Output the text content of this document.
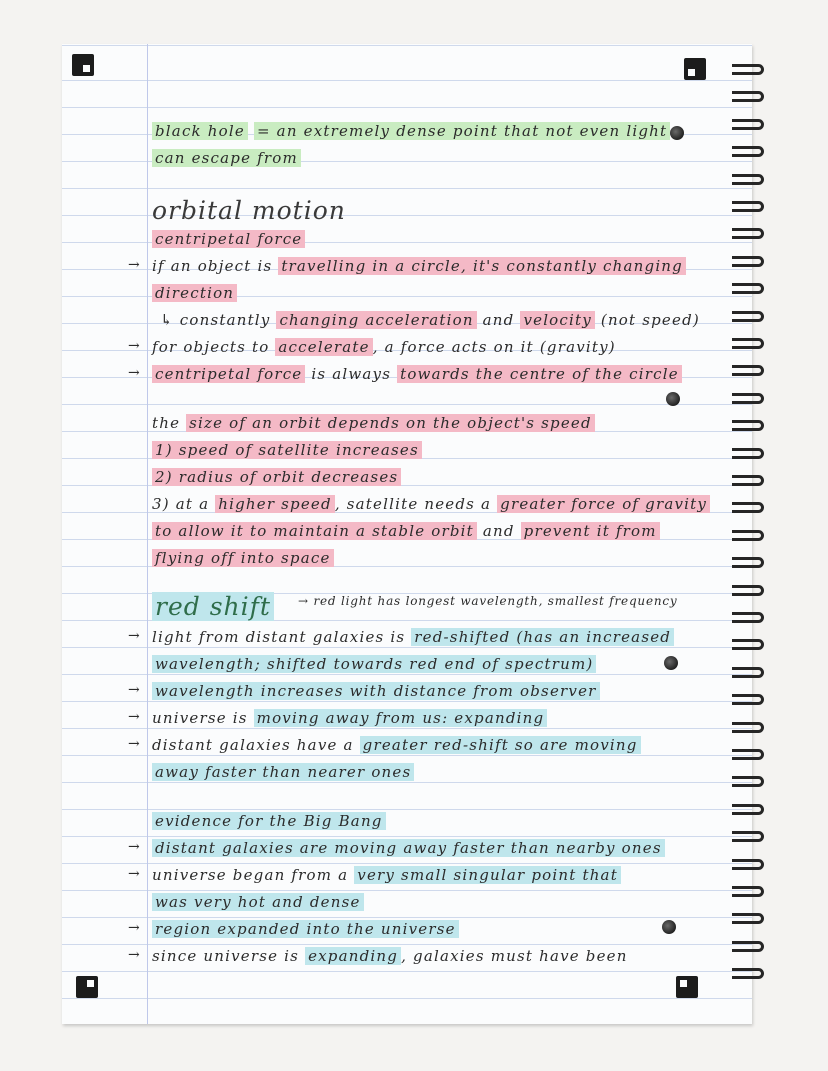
black hole = an extremely dense point that not even light
can escape from
orbital motion
centripetal force
→ if an object is travelling in a circle, it's constantly changing
direction
↳ constantly changing acceleration and velocity (not speed)
→ for objects to accelerate , a force acts on it (gravity)
→ centripetal force is always towards the centre of the circle
the size of an orbit depends on the object's speed
1) speed of satellite increases
2) radius of orbit decreases
3) at a higher speed , satellite needs a greater force of gravity
to allow it to maintain a stable orbit and prevent it from
flying off into space
red shift → red light has longest wavelength, smallest frequency
→ light from distant galaxies is red-shifted (has an increased
wavelength; shifted towards red end of spectrum)
→ wavelength increases with distance from observer
→ universe is moving away from us: expanding
→ distant galaxies have a greater red-shift so are moving
away faster than nearer ones
evidence for the Big Bang
→ distant galaxies are moving away faster than nearby ones
→ universe began from a very small singular point that
was very hot and dense
→ region expanded into the universe
→ since universe is expanding , galaxies must have been
